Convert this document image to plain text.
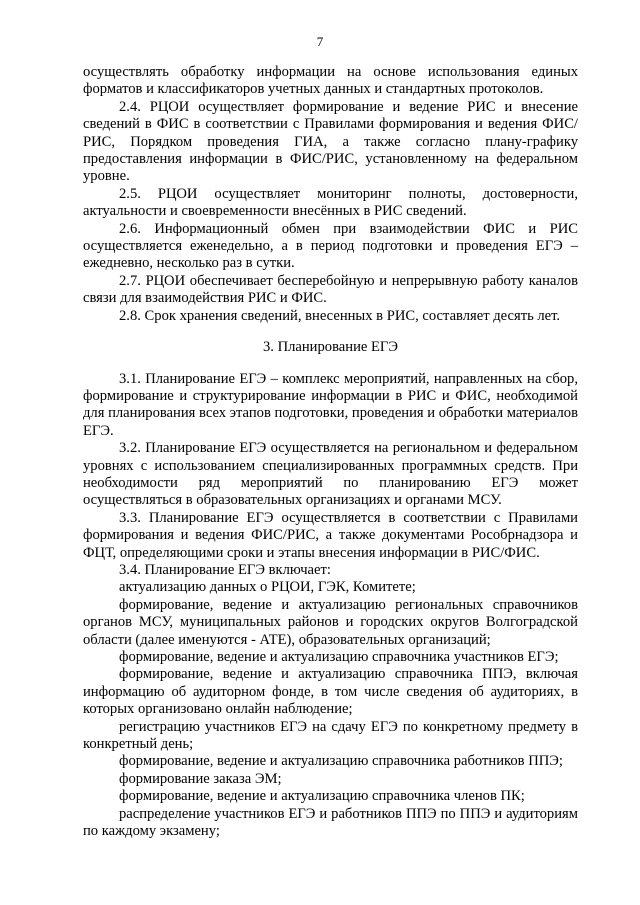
7

осуществлять обработку информации на основе использования единых форматов и классификаторов учетных данных и стандартных протоколов.

2.4. РЦОИ осуществляет формирование и ведение РИС и внесение сведений в ФИС в соответствии с Правилами формирования и ведения ФИС/РИС, Порядком проведения ГИА, а также согласно плану-графику предоставления информации в ФИС/РИС, установленному на федеральном уровне.

2.5. РЦОИ осуществляет мониторинг полноты, достоверности, актуальности и своевременности внесённых в РИС сведений.

2.6. Информационный обмен при взаимодействии ФИС и РИС осуществляется еженедельно, а в период подготовки и проведения ЕГЭ – ежедневно, несколько раз в сутки.

2.7. РЦОИ обеспечивает бесперебойную и непрерывную работу каналов связи для взаимодействия РИС и ФИС.

2.8. Срок хранения сведений, внесенных в РИС, составляет десять лет.

3. Планирование ЕГЭ

3.1. Планирование ЕГЭ – комплекс мероприятий, направленных на сбор, формирование и структурирование информации в РИС и ФИС, необходимой для планирования всех этапов подготовки, проведения и обработки материалов ЕГЭ.

3.2. Планирование ЕГЭ осуществляется на региональном и федеральном уровнях с использованием специализированных программных средств. При необходимости ряд мероприятий по планированию ЕГЭ может осуществляться в образовательных организациях и органами МСУ.

3.3. Планирование ЕГЭ осуществляется в соответствии с Правилами формирования и ведения ФИС/РИС, а также документами Рособрнадзора и ФЦТ, определяющими сроки и этапы внесения информации в РИС/ФИС.

3.4. Планирование ЕГЭ включает:

актуализацию данных о РЦОИ, ГЭК, Комитете;

формирование, ведение и актуализацию региональных справочников органов МСУ, муниципальных районов и городских округов Волгоградской области (далее именуются - АТЕ), образовательных организаций;

формирование, ведение и актуализацию справочника участников ЕГЭ;

формирование, ведение и актуализацию справочника ППЭ, включая информацию об аудиторном фонде, в том числе сведения об аудиториях, в которых организовано онлайн наблюдение;

регистрацию участников ЕГЭ на сдачу ЕГЭ по конкретному предмету в конкретный день;

формирование, ведение и актуализацию справочника работников ППЭ;

формирование заказа ЭМ;

формирование, ведение и актуализацию справочника членов ПК;

распределение участников ЕГЭ и работников ППЭ по ППЭ и аудиториям по каждому экзамену;
